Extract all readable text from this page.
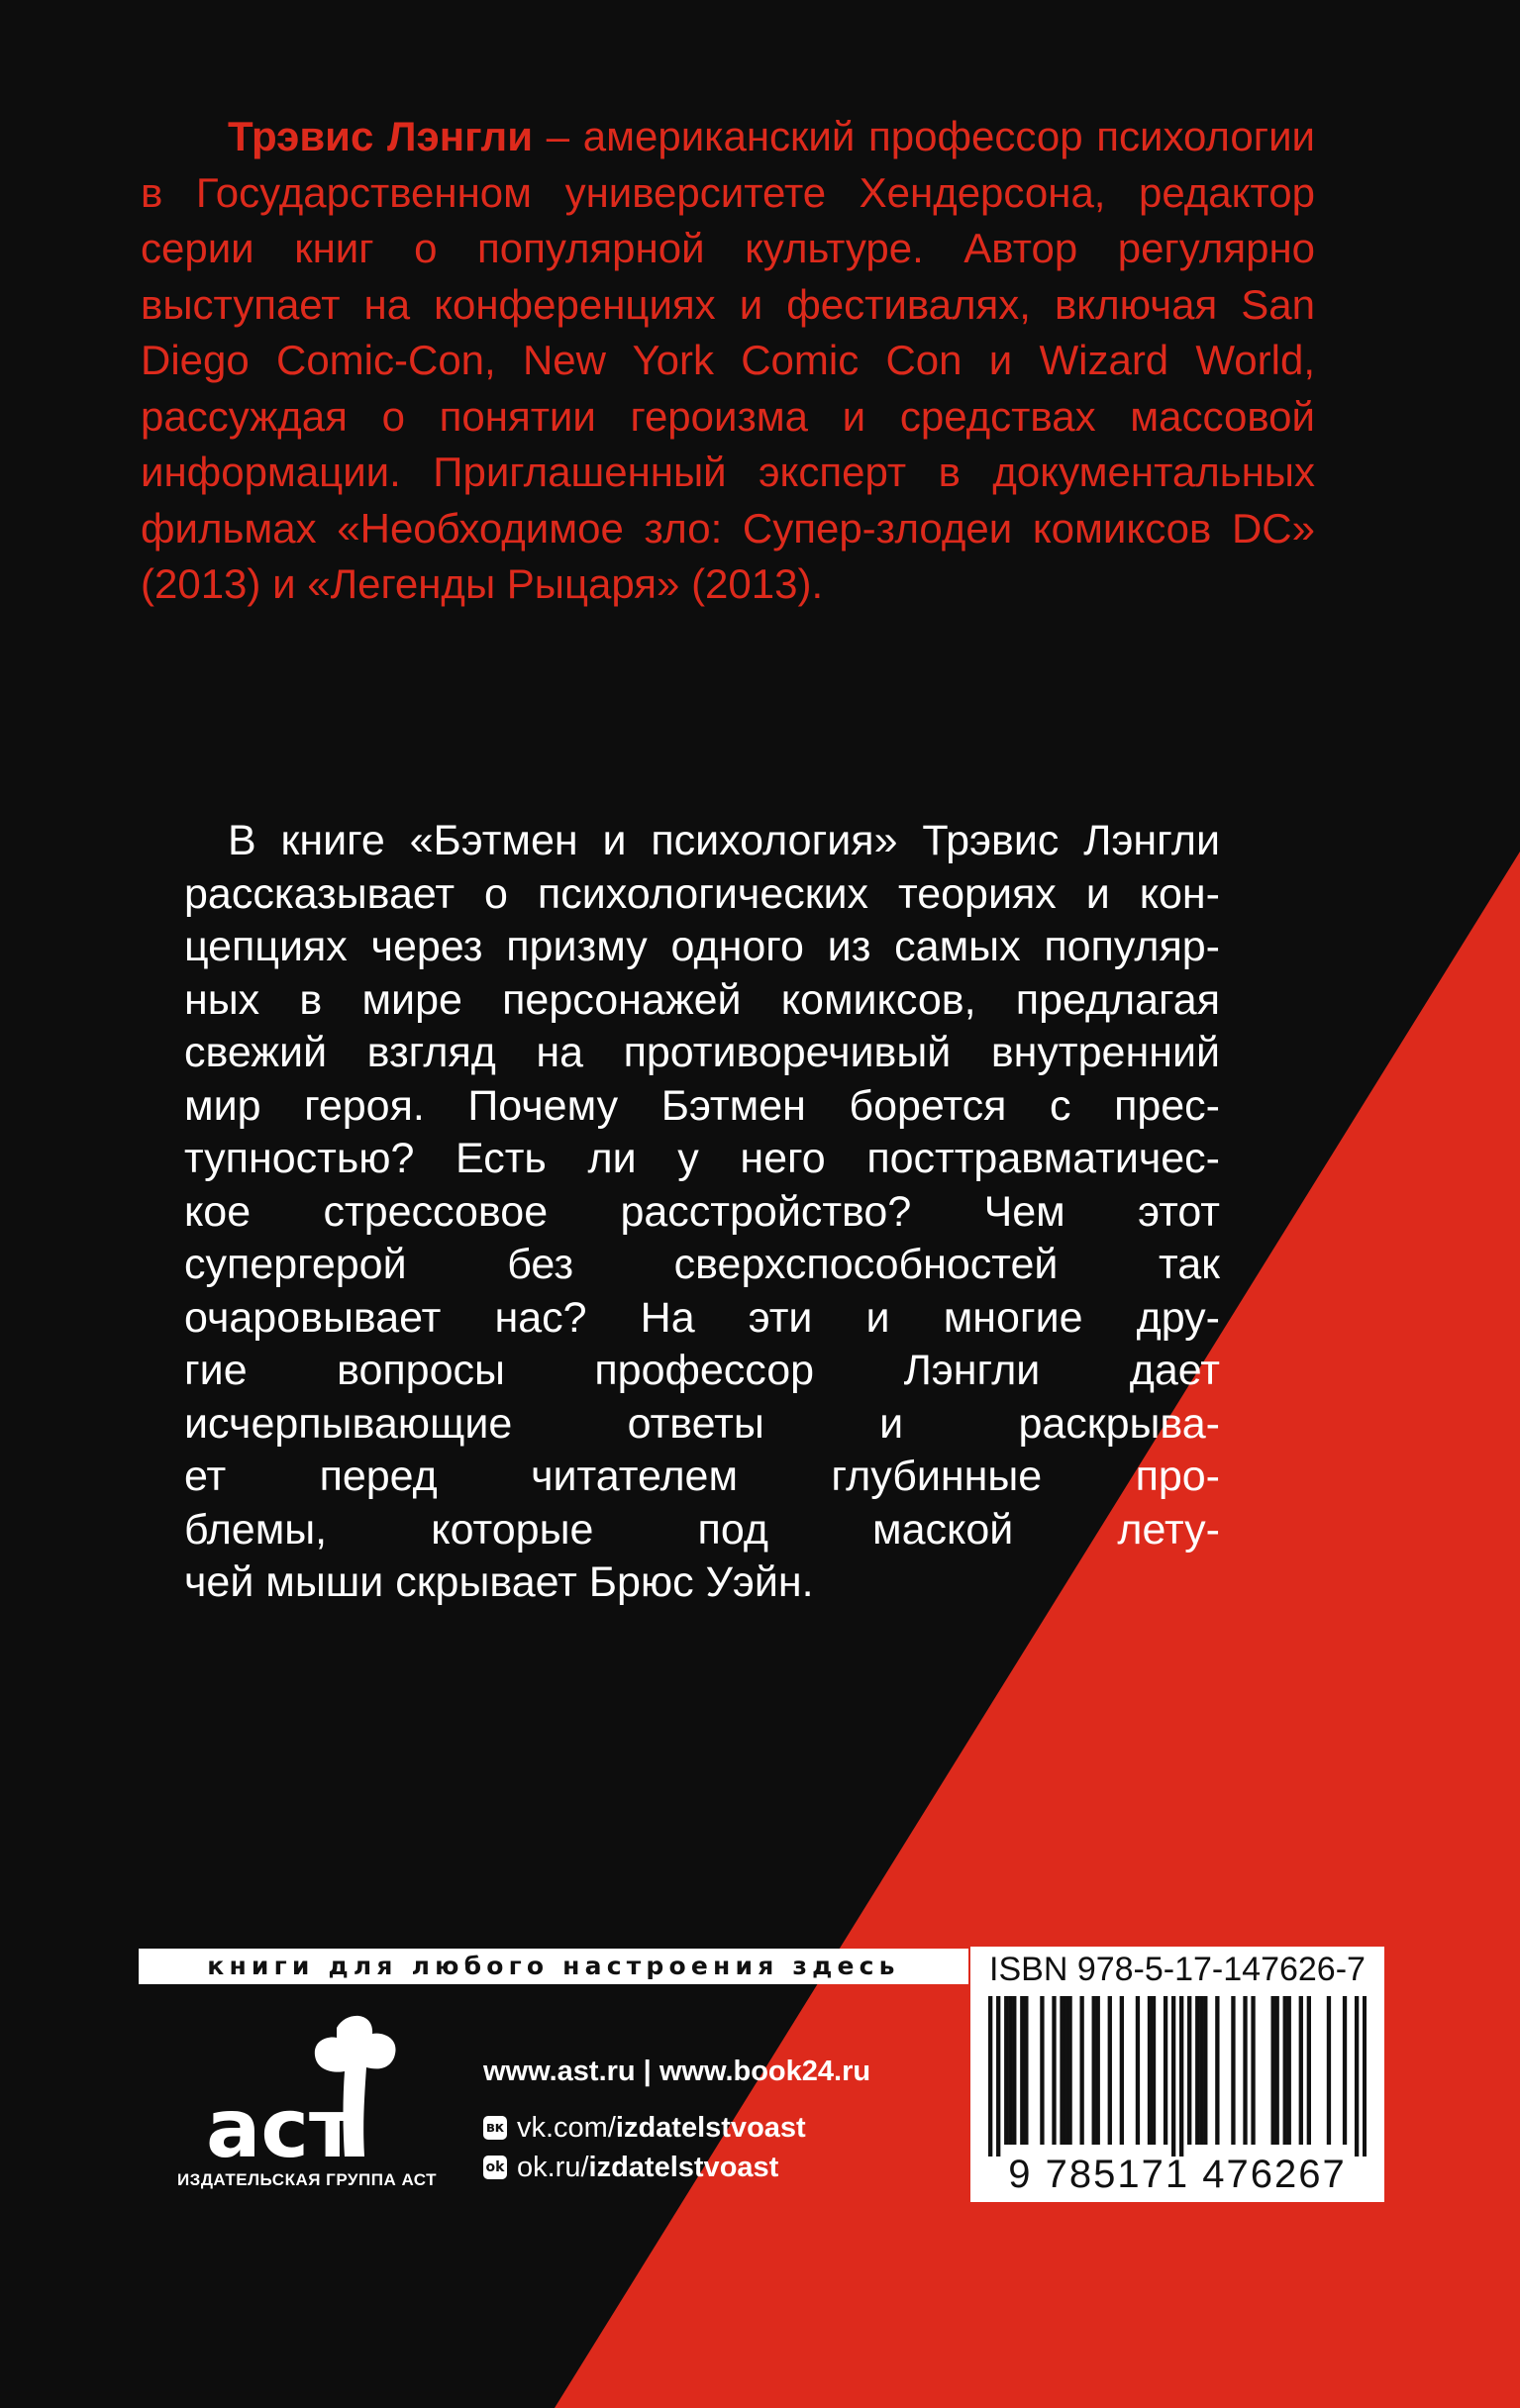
Трэвис Лэнгли – американский профессор психологии в Государственном университете Хендерсона, редактор серии книг о популярной культуре. Автор регулярно выступает на конференциях и фестивалях, включая San Diego Comic-Con, New York Comic Con и Wizard World, рассуждая о понятии героизма и средствах массовой информации. Приглашенный эксперт в документальных фильмах «Необходимое зло: Супер-злодеи комиксов DC» (2013) и «Легенды Рыцаря» (2013).

В книге «Бэтмен и психология» Трэвис Лэнгли
рассказывает о психологических теориях и кон-
цепциях через призму одного из самых популяр-
ных в мире персонажей комиксов, предлагая
свежий взгляд на противоречивый внутренний
мир героя. Почему Бэтмен борется с прес-
тупностью? Есть ли у него посттравматичес-
кое стрессовое расстройство? Чем этот
супергерой без сверхспособностей так
очаровывает нас? На эти и многие дру-
гие вопросы профессор Лэнгли дает
исчерпывающие ответы и раскрыва-
ет перед читателем глубинные про-
блемы, которые под маской лету-
чей мыши скрывает Брюс Уэйн.
книги для любого настроения здесь
аст
ИЗДАТЕЛЬСКАЯ ГРУППА АСТ
www.ast.ru | www.book24.ru
вк vk.com/ izdatelstvoast
ok ok.ru/ izdatelstvoast
ISBN 978-5-17-147626-7
9 785171 476267
